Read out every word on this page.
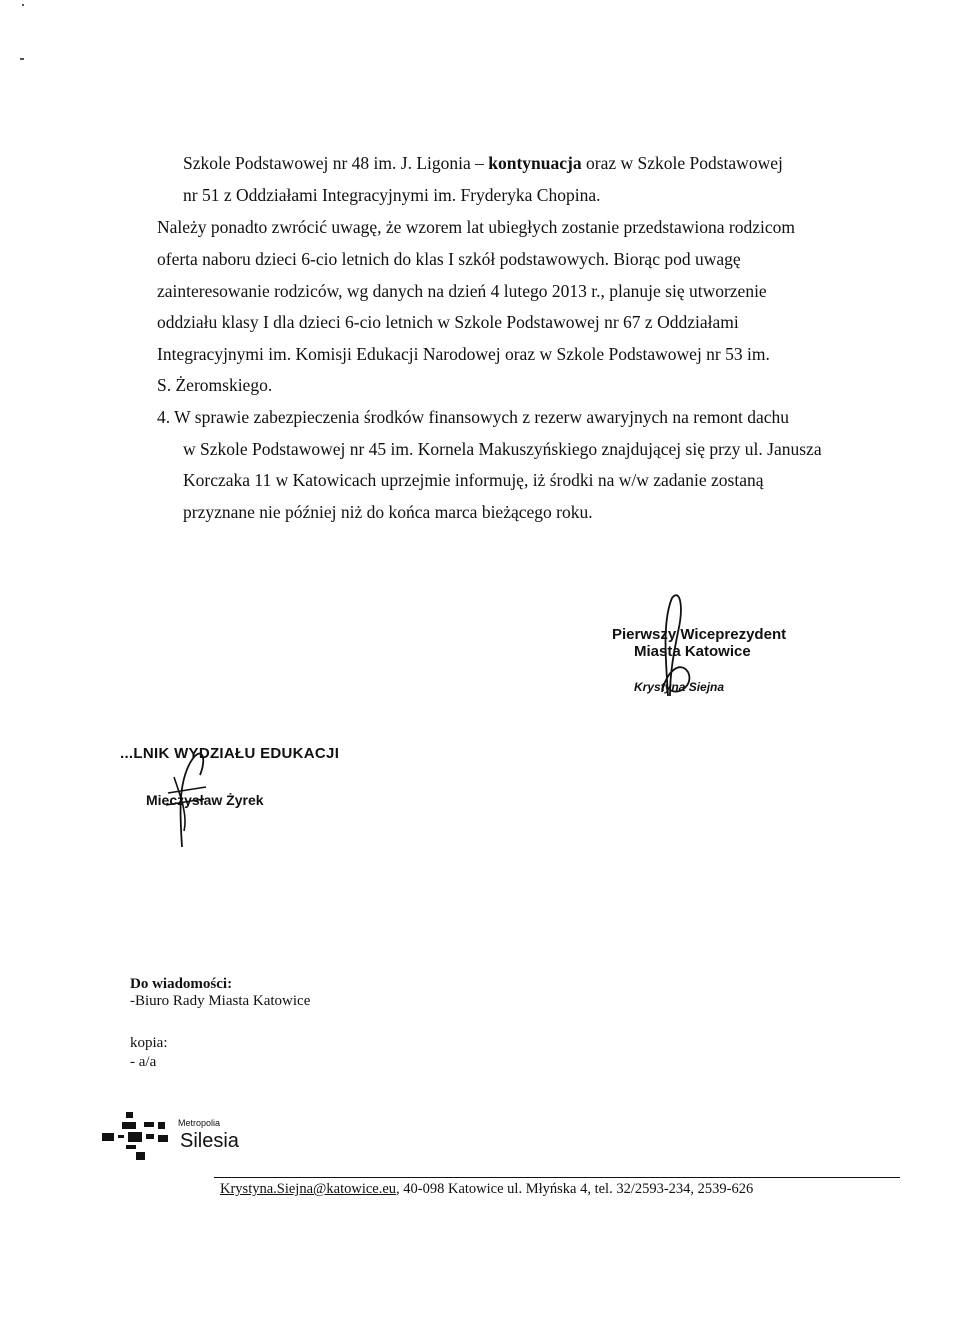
Szkole Podstawowej nr 48 im. J. Ligonia – kontynuacja oraz w Szkole Podstawowej
nr 51 z Oddziałami Integracyjnymi im. Fryderyka Chopina.
Należy ponadto zwrócić uwagę, że wzorem lat ubiegłych zostanie przedstawiona rodzicom
oferta naboru dzieci 6-cio letnich do klas I szkół podstawowych. Biorąc pod uwagę
zainteresowanie rodziców, wg danych na dzień 4 lutego 2013 r., planuje się utworzenie
oddziału klasy I dla dzieci 6-cio letnich w Szkole Podstawowej nr 67 z Oddziałami
Integracyjnymi im. Komisji Edukacji Narodowej oraz w Szkole Podstawowej nr 53 im.
S. Żeromskiego.
4. W sprawie zabezpieczenia środków finansowych z rezerw awaryjnych na remont dachu
w Szkole Podstawowej nr 45 im. Kornela Makuszyńskiego znajdującej się przy ul. Janusza
Korczaka 11 w Katowicach uprzejmie informuję, iż środki na w/w zadanie zostaną
przyznane nie później niż do końca marca bieżącego roku.
Pierwszy Wiceprezydent
Miasta Katowice
Krystyna Siejna
...LNIK WYDZIAŁU EDUKACJI
Mieczysław Żyrek
Do wiadomości:
-Biuro Rady Miasta Katowice
kopia:
- a/a
Metropolia
Silesia
Krystyna.Siejna@katowice.eu, 40-098 Katowice ul. Młyńska 4, tel. 32/2593-234, 2539-626
